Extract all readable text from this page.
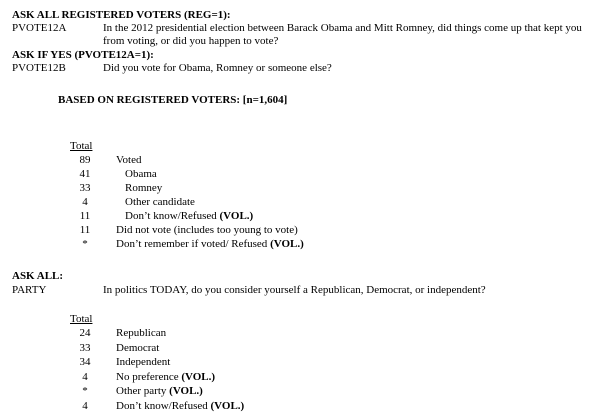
ASK ALL REGISTERED VOTERS (REG=1):
PVOTE12A	In the 2012 presidential election between Barack Obama and Mitt Romney, did things come up that kept you from voting, or did you happen to vote?
ASK IF YES (PVOTE12A=1):
PVOTE12B	Did you vote for Obama, Romney or someone else?
BASED ON REGISTERED VOTERS: [n=1,604]
Total
89	Voted
41	Obama
33	Romney
4	Other candidate
11	Don’t know/Refused (VOL.)
11	Did not vote (includes too young to vote)
*	Don’t remember if voted/ Refused (VOL.)
ASK ALL:
PARTY	In politics TODAY, do you consider yourself a Republican, Democrat, or independent?
Total
24	Republican
33	Democrat
34	Independent
4	No preference (VOL.)
*	Other party (VOL.)
4	Don’t know/Refused (VOL.)
